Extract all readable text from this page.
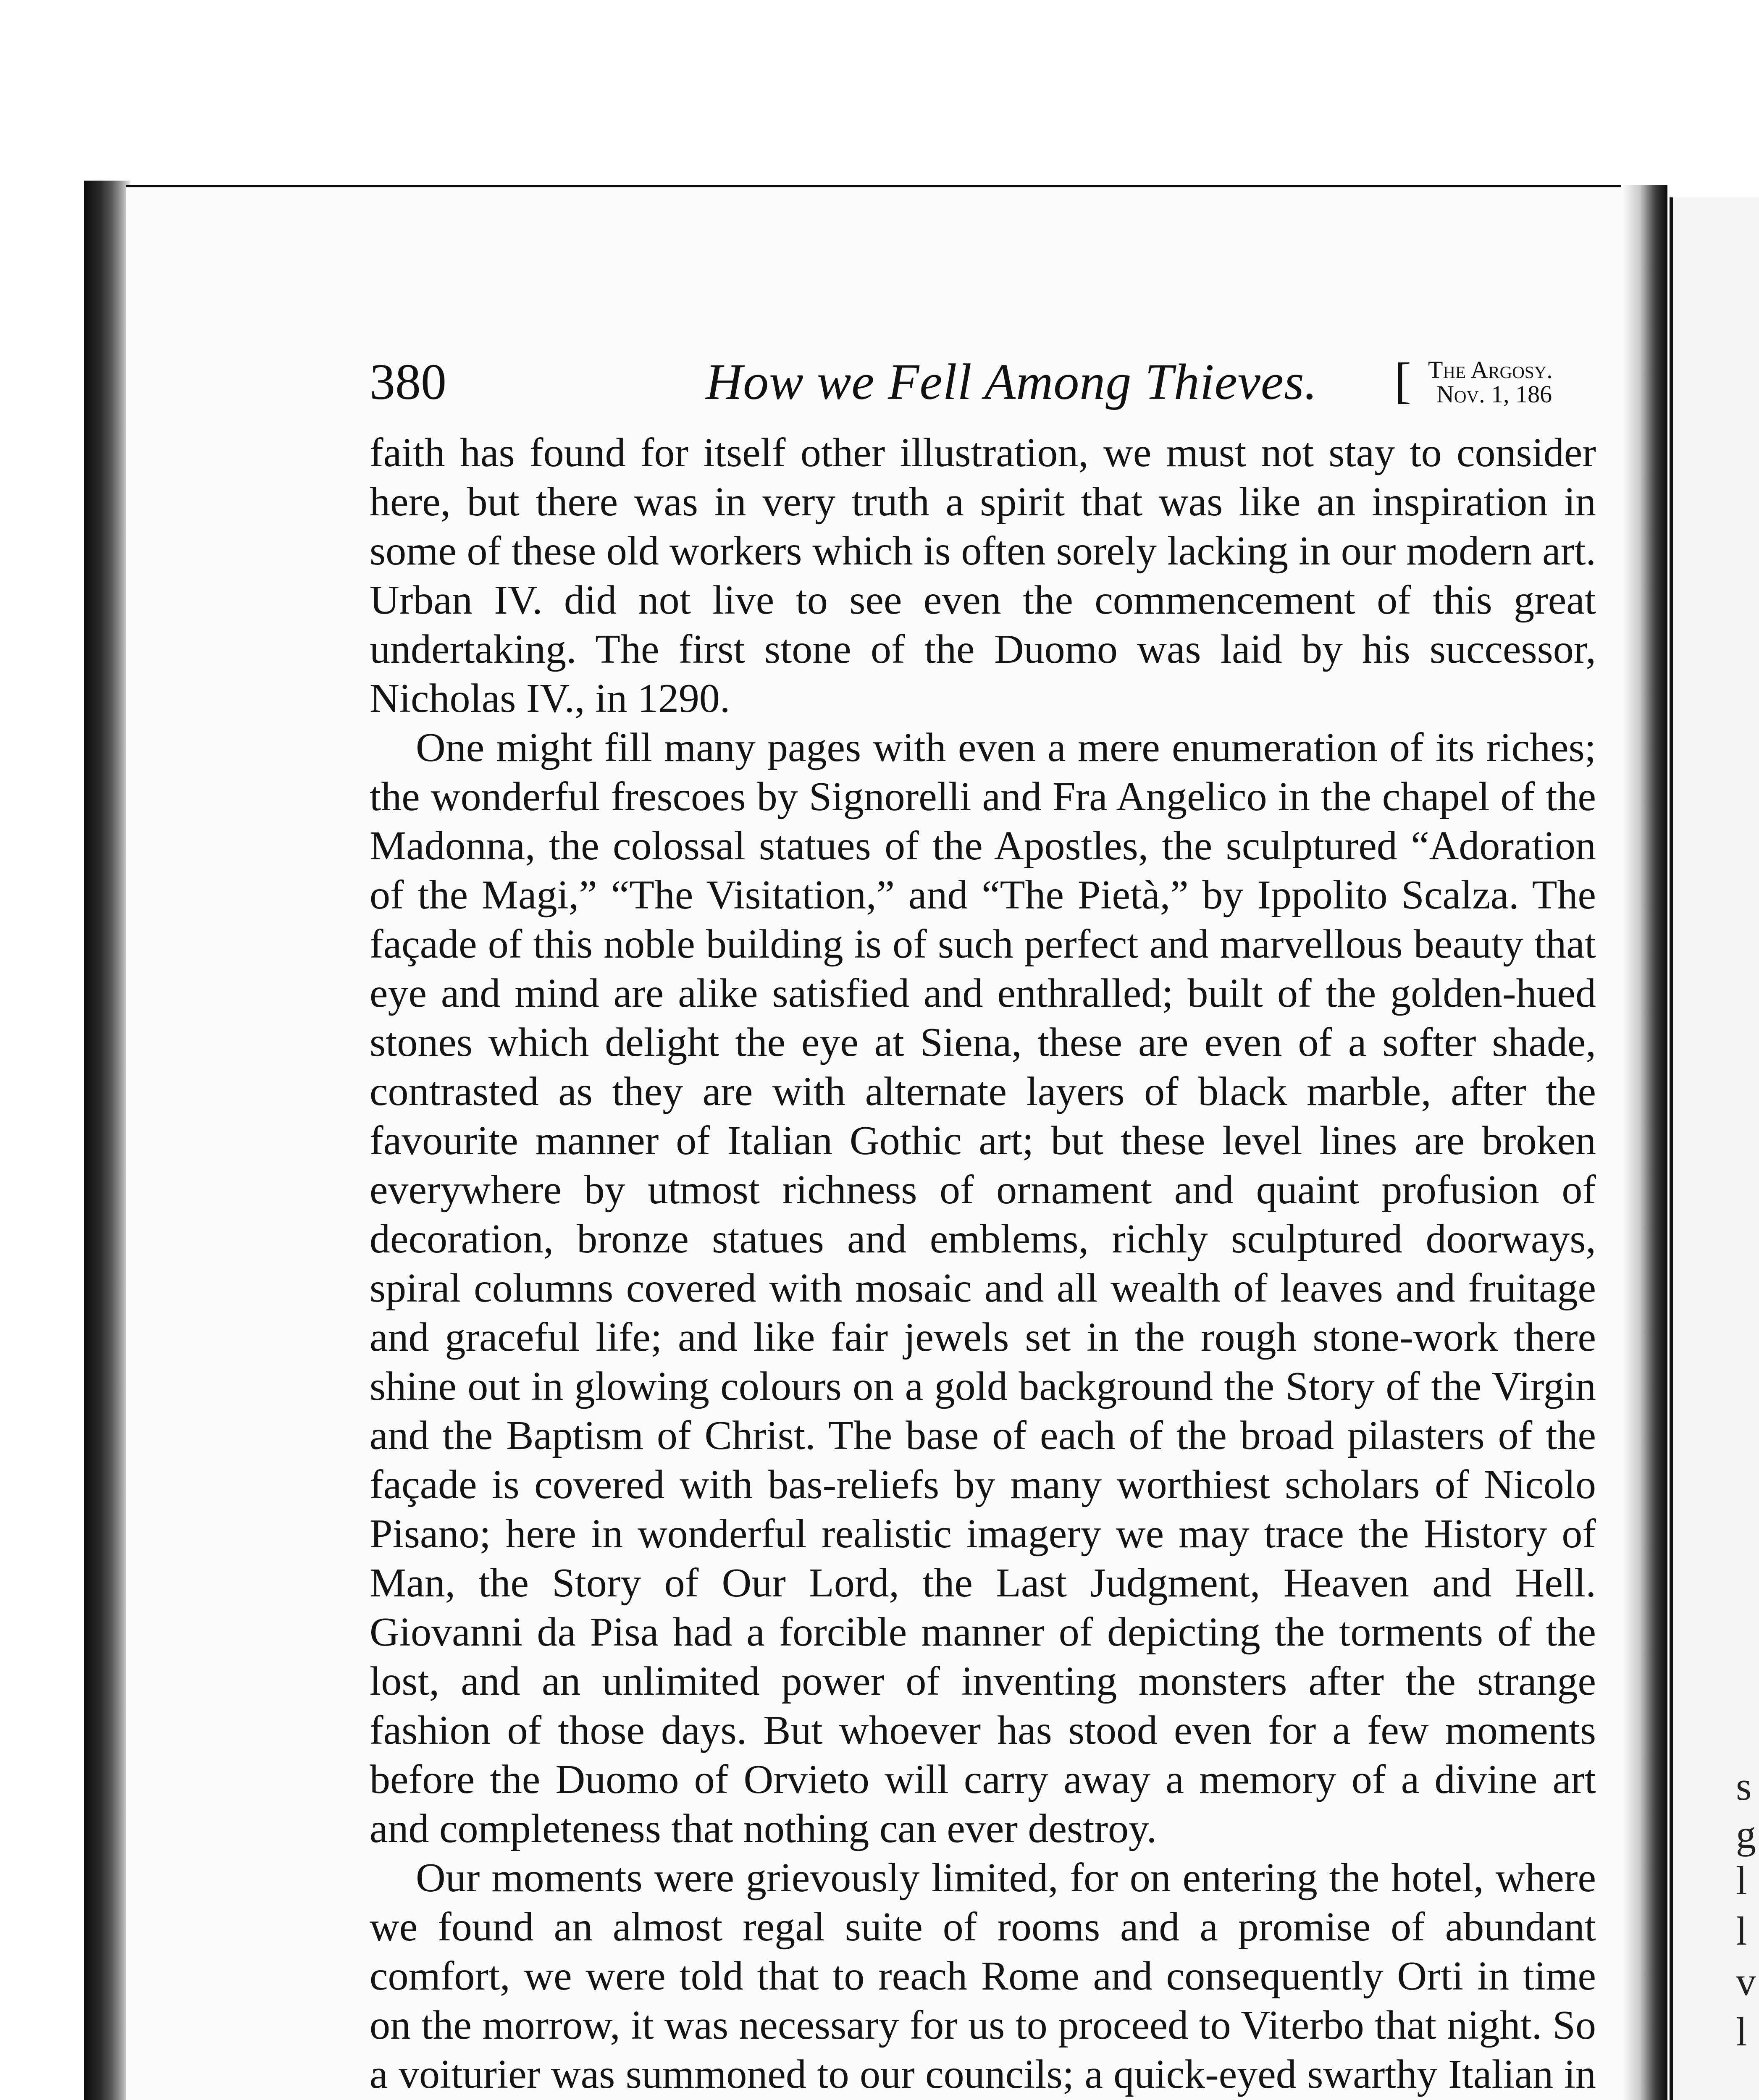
380	How we Fell Among Thieves. [ The Argosy.
Nov. 1, 186

faith has found for itself other illustration, we must not stay to consider here, but there was in very truth a spirit that was like an inspiration in some of these old workers which is often sorely lacking in our modern art. Urban IV. did not live to see even the commencement of this great undertaking. The first stone of the Duomo was laid by his successor, Nicholas IV., in 1290.

One might fill many pages with even a mere enumeration of its riches; the wonderful frescoes by Signorelli and Fra Angelico in the chapel of the Madonna, the colossal statues of the Apostles, the sculptured “Adoration of the Magi,” “The Visitation,” and “The Pietà,” by Ippolito Scalza. The façade of this noble building is of such perfect and marvellous beauty that eye and mind are alike satisfied and enthralled; built of the golden-hued stones which delight the eye at Siena, these are even of a softer shade, contrasted as they are with alternate layers of black marble, after the favourite manner of Italian Gothic art; but these level lines are broken everywhere by utmost richness of ornament and quaint profusion of decoration, bronze statues and emblems, richly sculptured doorways, spiral columns covered with mosaic and all wealth of leaves and fruitage and graceful life; and like fair jewels set in the rough stone-work there shine out in glowing colours on a gold background the Story of the Virgin and the Baptism of Christ. The base of each of the broad pilasters of the façade is covered with bas-reliefs by many worthiest scholars of Nicolo Pisano; here in wonderful realistic imagery we may trace the History of Man, the Story of Our Lord, the Last Judgment, Heaven and Hell. Giovanni da Pisa had a forcible manner of depicting the torments of the lost, and an unlimited power of inventing monsters after the strange fashion of those days. But whoever has stood even for a few moments before the Duomo of Orvieto will carry away a memory of a divine art and completeness that nothing can ever destroy.

Our moments were grievously limited, for on entering the hotel, where we found an almost regal suite of rooms and a promise of abundant comfort, we were told that to reach Rome and consequently Orti in time on the morrow, it was necessary for us to proceed to Viterbo that night. So a voiturier was summoned to our councils; a quick-eyed swarthy Italian in

s
g
l
l
v
l
